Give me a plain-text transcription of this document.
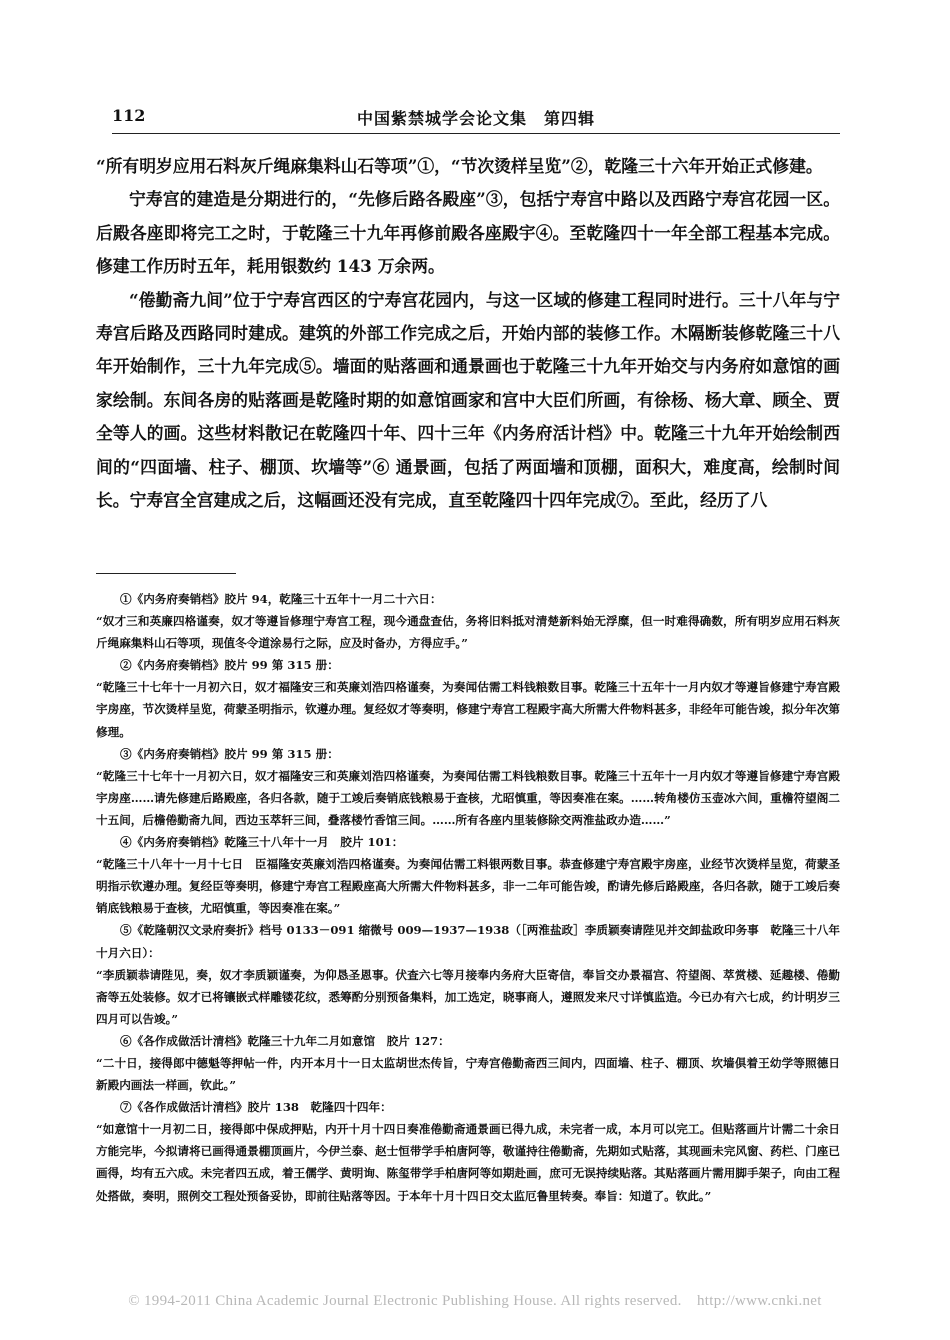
112	中国紫禁城学会论文集　第四辑

“所有明岁应用石料灰斤绳麻集料山石等项”①，“节次烫样呈览”②，乾隆三十六年开始正式修建。

宁寿宫的建造是分期进行的，“先修后路各殿座”③，包括宁寿宫中路以及西路宁寿宫花园一区。后殿各座即将完工之时，于乾隆三十九年再修前殿各座殿宇④。至乾隆四十一年全部工程基本完成。修建工作历时五年，耗用银数约 143 万余两。

“倦勤斋九间”位于宁寿宫西区的宁寿宫花园内，与这一区域的修建工程同时进行。三十八年与宁寿宫后路及西路同时建成。建筑的外部工作完成之后，开始内部的装修工作。木隔断装修乾隆三十八年开始制作，三十九年完成⑤。墙面的贴落画和通景画也于乾隆三十九年开始交与内务府如意馆的画家绘制。东间各房的贴落画是乾隆时期的如意馆画家和宫中大臣们所画，有徐杨、杨大章、顾全、贾全等人的画。这些材料散记在乾隆四十年、四十三年《内务府活计档》中。乾隆三十九年开始绘制西间的“四面墙、柱子、棚顶、坎墙等”⑥ 通景画，包括了两面墙和顶棚，面积大，难度高，绘制时间长。宁寿宫全宫建成之后，这幅画还没有完成，直至乾隆四十四年完成⑦。至此，经历了八

①《内务府奏销档》胶片 94，乾隆三十五年十一月二十六日：

“奴才三和英廉四格谨奏，奴才等遵旨修理宁寿宫工程，现今通盘查估，务将旧料抵对清楚新料始无浮糜，但一时难得确数，所有明岁应用石料灰斤绳麻集料山石等项，现值冬令道涂易行之际，应及时备办，方得应手。”

②《内务府奏销档》胶片 99 第 315 册：

“乾隆三十七年十一月初六日，奴才福隆安三和英廉刘浩四格谨奏，为奏闻估需工料钱粮数目事。乾隆三十五年十一月内奴才等遵旨修建宁寿宫殿宇房座，节次烫样呈览，荷蒙圣明指示，钦遵办理。复经奴才等奏明，修建宁寿宫工程殿宇高大所需大件物料甚多，非经年可能告竣，拟分年次第修理。

③《内务府奏销档》胶片 99 第 315 册：

“乾隆三十七年十一月初六日，奴才福隆安三和英廉刘浩四格谨奏，为奏闻估需工料钱粮数目事。乾隆三十五年十一月内奴才等遵旨修建宁寿宫殿宇房座……请先修建后路殿座，各归各款，随于工竣后奏销底钱粮易于查核，尤昭慎重，等因奏准在案。……转角楼仿玉壶冰六间，重檐符望阁二十五间，后檐倦勤斋九间，西边玉萃轩三间，叠落楼竹香馆三间。……所有各座内里装修除交两淮盐政办造……”

④《内务府奏销档》乾隆三十八年十一月　胶片 101：

“乾隆三十八年十一月十七日　臣福隆安英廉刘浩四格谨奏。为奏闻估需工料银两数目事。恭查修建宁寿宫殿宇房座，业经节次烫样呈览，荷蒙圣明指示钦遵办理。复经臣等奏明，修建宁寿宫工程殿座高大所需大件物料甚多，非一二年可能告竣，酌请先修后路殿座，各归各款，随于工竣后奏销底钱粮易于查核，尤昭慎重，等因奏准在案。”

⑤《乾隆朝汉文录府奏折》档号 0133－091 缩微号 009—1937—1938（［两淮盐政］李质颖奏请陛见并交卸盐政印务事　乾隆三十八年十月六日）：

“李质颖恭请陛见，奏，奴才李质颖谨奏，为仰恳圣恩事。伏查六七等月接奉内务府大臣寄信，奉旨交办景福宫、符望阁、萃赏楼、延趣楼、倦勤斋等五处装修。奴才已将镶嵌式样雕镂花纹，悉筹酌分别预备集料，加工选定，晓事商人，遵照发来尺寸详慎监造。今已办有六七成，约计明岁三四月可以告竣。”

⑥《各作成做活计清档》乾隆三十九年二月如意馆　胶片 127：

“二十日，接得郎中德魁等押帖一件，内开本月十一日太监胡世杰传旨，宁寿宫倦勤斋西三间内，四面墙、柱子、棚顶、坎墙俱着王幼学等照德日新殿内画法一样画，钦此。”

⑦《各作成做活计清档》胶片 138　乾隆四十四年：

“如意馆十一月初二日，接得郎中保成押贴，内开十月十四日奏准倦勤斋通景画已得九成，未完者一成，本月可以完工。但贴落画片计需二十余日方能完毕，今拟请将已画得通景棚顶画片，今伊兰泰、赵士恒带学手柏唐阿等，敬谨持往倦勤斋，先期如式贴落，其现画未完风窗、药栏、门座已画得，均有五六成。未完者四五成，着王儒学、黄明询、陈玺带学手柏唐阿等如期赴画，庶可无误持续贴落。其贴落画片需用脚手架子，向由工程处搭做，奏明，照例交工程处预备妥协，即前往贴落等因。于本年十月十四日交太监厄鲁里转奏。奉旨：知道了。钦此。”

© 1994-2011 China Academic Journal Electronic Publishing House. All rights reserved.　http://www.cnki.net
